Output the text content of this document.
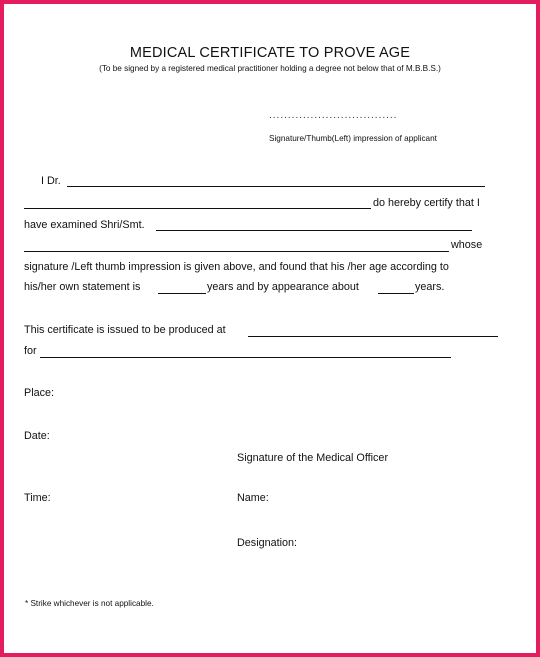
MEDICAL CERTIFICATE TO PROVE AGE
(To be signed by a registered medical practitioner holding a degree not below that of M.B.B.S.)
..................................
Signature/Thumb(Left) impression of applicant
I Dr.
do hereby certify that I
have examined Shri/Smt.
whose
signature /Left thumb impression is given above, and found that his /her age according to
his/her own statement is	years and by appearance about	years.
This certificate is issued to be produced at
for
Place:
Date:
Time:
Signature of the Medical Officer
Name:
Designation:
* Strike whichever is not applicable.
